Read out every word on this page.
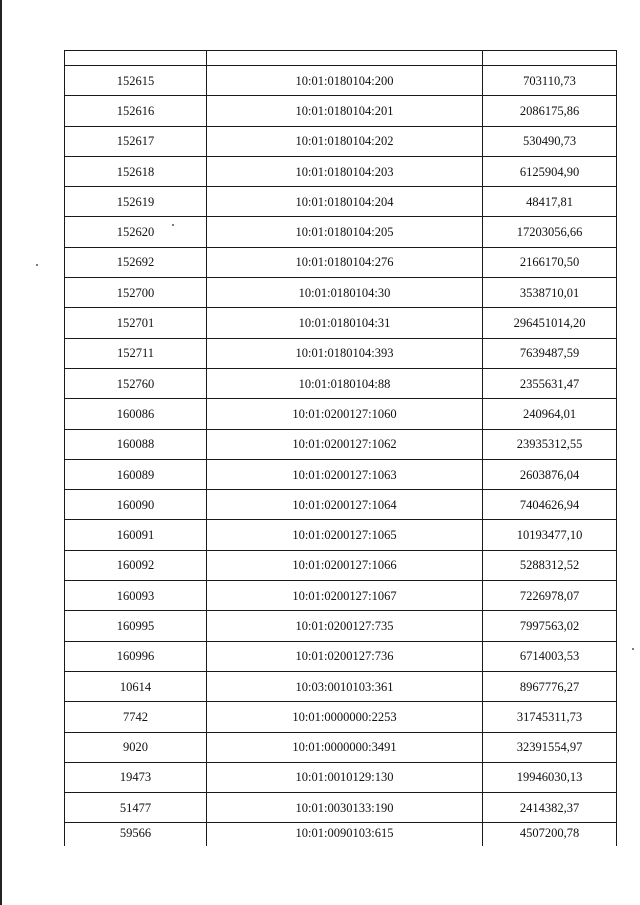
152615	10:01:0180104:200	703110,73
152616	10:01:0180104:201	2086175,86
152617	10:01:0180104:202	530490,73
152618	10:01:0180104:203	6125904,90
152619	10:01:0180104:204	48417,81
152620	10:01:0180104:205	17203056,66
152692	10:01:0180104:276	2166170,50
152700	10:01:0180104:30	3538710,01
152701	10:01:0180104:31	296451014,20
152711	10:01:0180104:393	7639487,59
152760	10:01:0180104:88	2355631,47
160086	10:01:0200127:1060	240964,01
160088	10:01:0200127:1062	23935312,55
160089	10:01:0200127:1063	2603876,04
160090	10:01:0200127:1064	7404626,94
160091	10:01:0200127:1065	10193477,10
160092	10:01:0200127:1066	5288312,52
160093	10:01:0200127:1067	7226978,07
160995	10:01:0200127:735	7997563,02
160996	10:01:0200127:736	6714003,53
10614	10:03:0010103:361	8967776,27
7742	10:01:0000000:2253	31745311,73
9020	10:01:0000000:3491	32391554,97
19473	10:01:0010129:130	19946030,13
51477	10:01:0030133:190	2414382,37
59566	10:01:0090103:615	4507200,78
